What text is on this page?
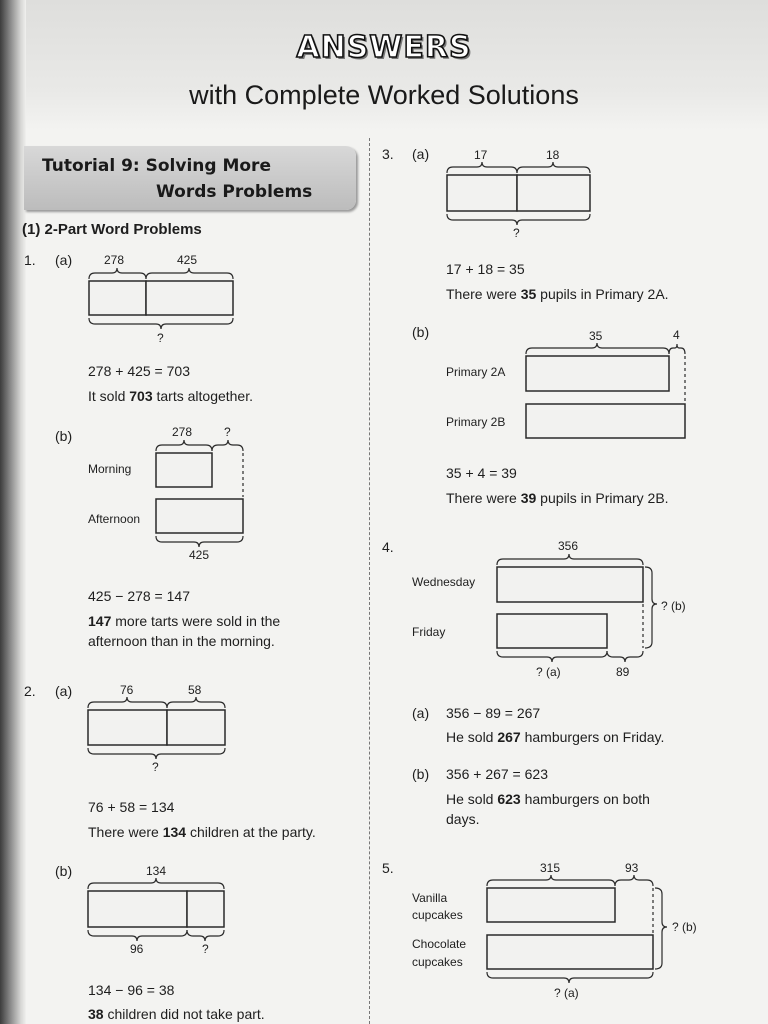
ANSWERS
with Complete Worked Solutions
Tutorial 9: Solving More
Words Problems
(1) 2-Part Word Problems
1. (a)	278	425
?
278 + 425 = 703
It sold 703 tarts altogether.
(b)	278	?
Morning
Afternoon
425
425 − 278 = 147
147 more tarts were sold in the
afternoon than in the morning.
2. (a)	76	58
?
76 + 58 = 134
There were 134 children at the party.
(b)	134
96	?
134 − 96 = 38
38 children did not take part.
3. (a)	17	18
?
17 + 18 = 35
There were 35 pupils in Primary 2A.
(b)	35	4
Primary 2A
Primary 2B
35 + 4 = 39
There were 39 pupils in Primary 2B.
4.	356
Wednesday
Friday
? (b)
? (a)	89
(a) 356 − 89 = 267
He sold 267 hamburgers on Friday.
(b) 356 + 267 = 623
He sold 623 hamburgers on both
days.
5.	315	93
Vanilla
cupcakes
Chocolate
cupcakes
? (b)
? (a)
